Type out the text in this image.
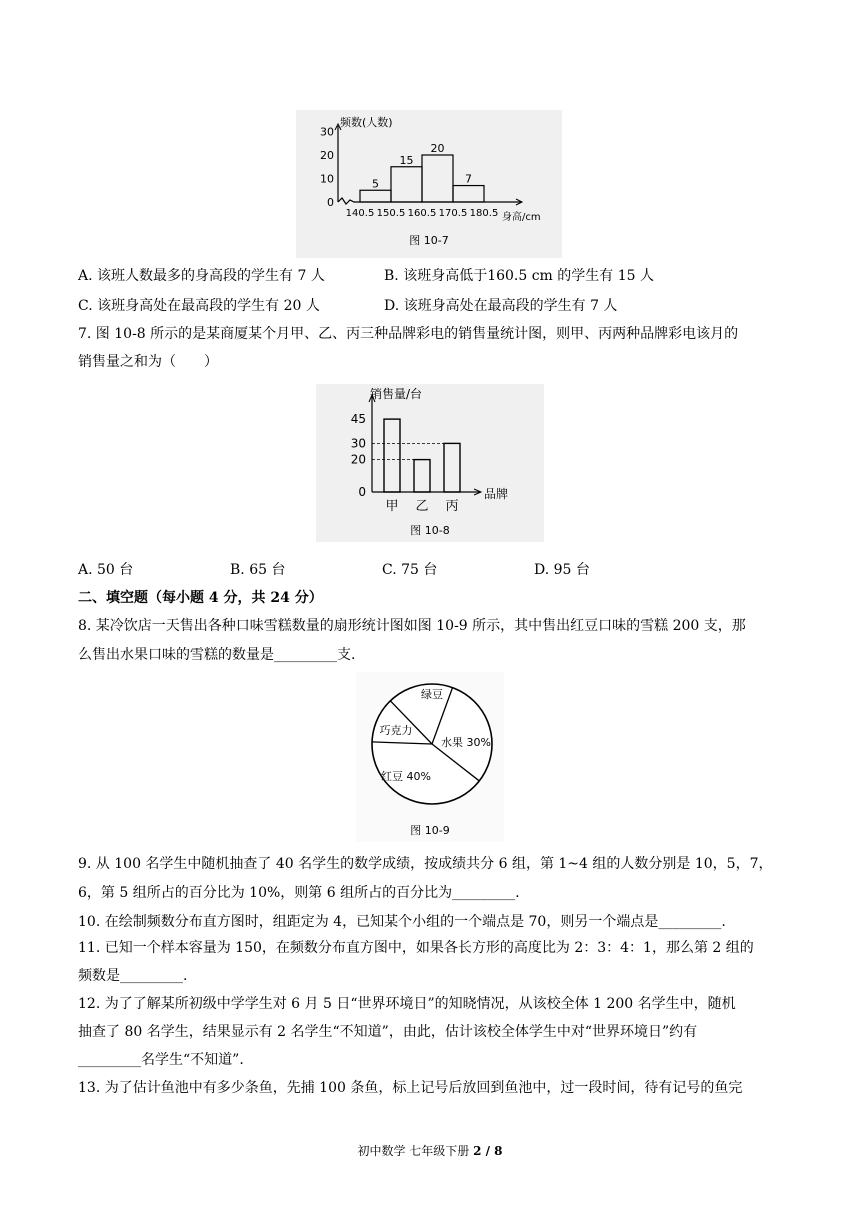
频数(人数)
身高/cm
0
10
20
30
5
15
20
7
140.5 150.5 160.5 170.5 180.5
图 10-7
A. 该班人数最多的身高段的学生有 7 人	B. 该班身高低于160.5 cm 的学生有 15 人
C. 该班身高处在最高段的学生有 20 人	D. 该班身高处在最高段的学生有 7 人
7. 图 10-8 所示的是某商厦某个月甲、乙、丙三种品牌彩电的销售量统计图，则甲、丙两种品牌彩电该月的
销售量之和为（　　）
销售量/台
品牌
0
20
30
45
甲 乙 丙
图 10-8
A. 50 台	B. 65 台	C. 75 台	D. 95 台
二、填空题（每小题 4 分，共 24 分）
8. 某冷饮店一天售出各种口味雪糕数量的扇形统计图如图 10-9 所示，其中售出红豆口味的雪糕 200 支，那
么售出水果口味的雪糕的数量是_________支.
绿豆
水果 30%
红豆 40%
巧克力
图 10-9
9. 从 100 名学生中随机抽查了 40 名学生的数学成绩，按成绩共分 6 组，第 1~4 组的人数分别是 10，5，7，
6，第 5 组所占的百分比为 10%，则第 6 组所占的百分比为_________.
10. 在绘制频数分布直方图时，组距定为 4，已知某个小组的一个端点是 70，则另一个端点是_________.
11. 已知一个样本容量为 150，在频数分布直方图中，如果各长方形的高度比为 2：3：4：1，那么第 2 组的
频数是_________.
12. 为了了解某所初级中学学生对 6 月 5 日“世界环境日”的知晓情况，从该校全体 1 200 名学生中，随机
抽查了 80 名学生，结果显示有 2 名学生“不知道”，由此，估计该校全体学生中对“世界环境日”约有
_________名学生“不知道”.
13. 为了估计鱼池中有多少条鱼，先捕 100 条鱼，标上记号后放回到鱼池中，过一段时间，待有记号的鱼完
初中数学 七年级下册 2 / 8
